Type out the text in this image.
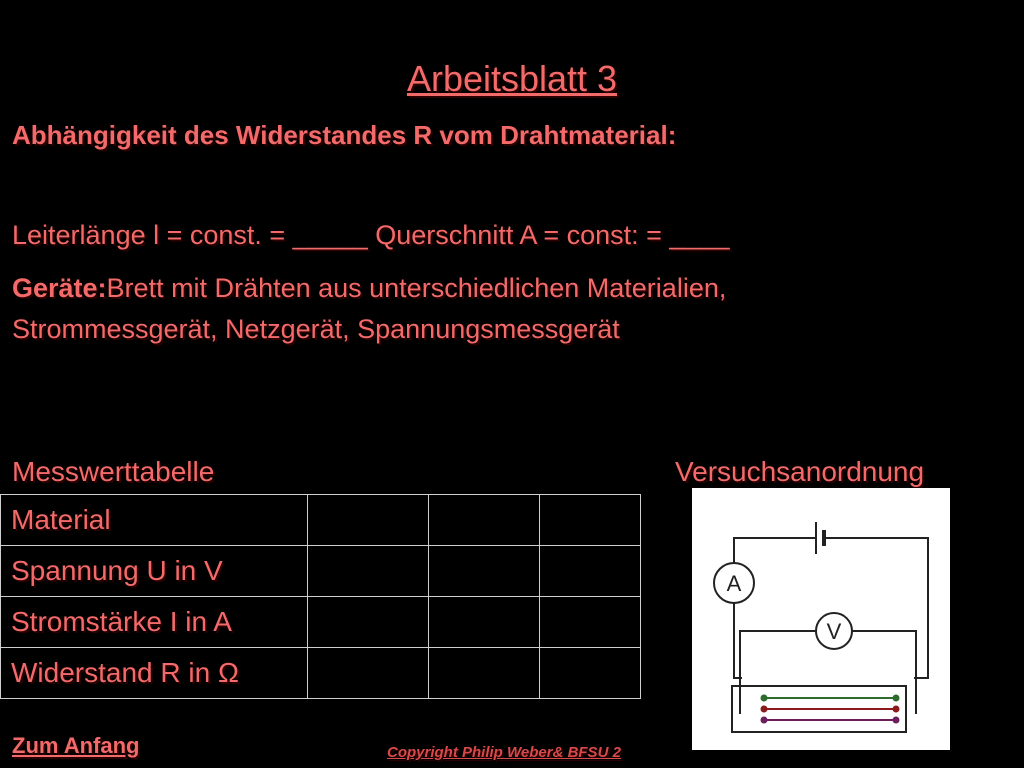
Arbeitsblatt 3
Abhängigkeit des Widerstandes R vom Drahtmaterial:
Leiterlänge l = const. = _____ Querschnitt A = const: = ____
Geräte:Brett mit Drähten aus unterschiedlichen Materialien,
Strommessgerät, Netzgerät, Spannungsmessgerät
Messwerttabelle	Versuchsanordnung
Material			
Spannung U in V			
Stromstärke I in A			
Widerstand R in Ω			
A
V
Zum Anfang	Copyright Philip Weber& BFSU 2
